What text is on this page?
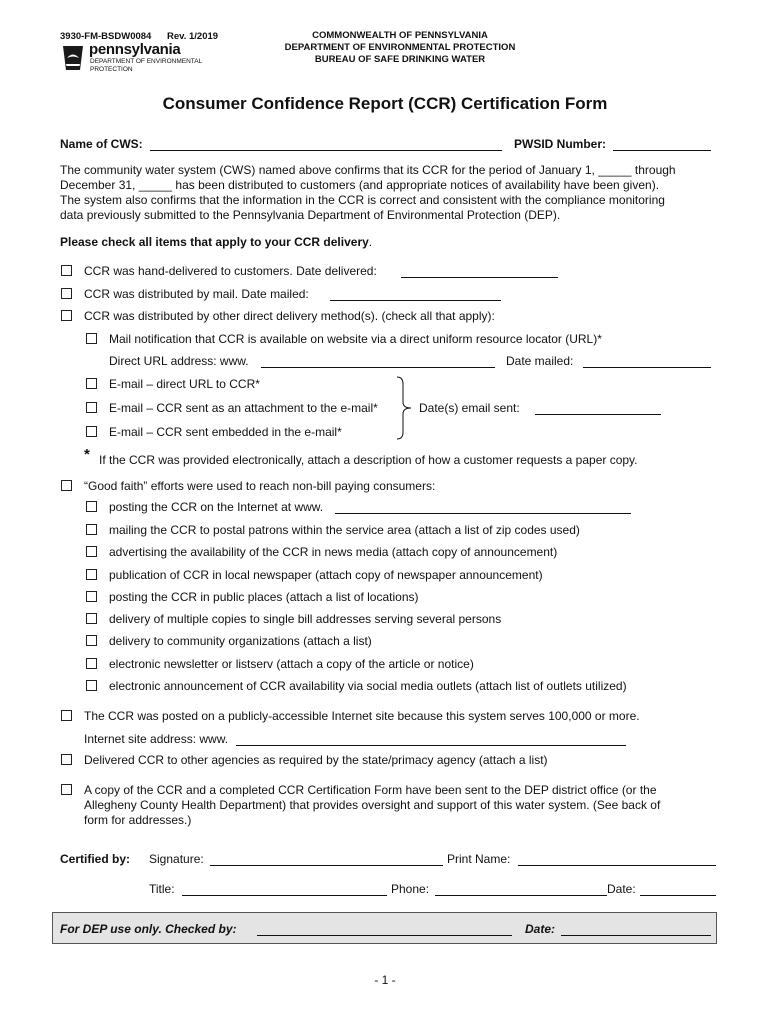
3930-FM-BSDW0084 Rev. 1/2019
pennsylvania
DEPARTMENT OF ENVIRONMENTAL
PROTECTION
COMMONWEALTH OF PENNSYLVANIA
DEPARTMENT OF ENVIRONMENTAL PROTECTION
BUREAU OF SAFE DRINKING WATER
Consumer Confidence Report (CCR) Certification Form
Name of CWS:	PWSID Number:
The community water system (CWS) named above confirms that its CCR for the period of January 1, _____ through
December 31, _____ has been distributed to customers (and appropriate notices of availability have been given).
The system also confirms that the information in the CCR is correct and consistent with the compliance monitoring
data previously submitted to the Pennsylvania Department of Environmental Protection (DEP).
Please check all items that apply to your CCR delivery.
CCR was hand-delivered to customers. Date delivered:
CCR was distributed by mail. Date mailed:
CCR was distributed by other direct delivery method(s). (check all that apply):
Mail notification that CCR is available on website via a direct uniform resource locator (URL)*
Direct URL address: www.	Date mailed:
E-mail – direct URL to CCR*
E-mail – CCR sent as an attachment to the e-mail*
E-mail – CCR sent embedded in the e-mail*
Date(s) email sent:
* If the CCR was provided electronically, attach a description of how a customer requests a paper copy.
“Good faith” efforts were used to reach non-bill paying consumers:
posting the CCR on the Internet at www.
mailing the CCR to postal patrons within the service area (attach a list of zip codes used)
advertising the availability of the CCR in news media (attach copy of announcement)
publication of CCR in local newspaper (attach copy of newspaper announcement)
posting the CCR in public places (attach a list of locations)
delivery of multiple copies to single bill addresses serving several persons
delivery to community organizations (attach a list)
electronic newsletter or listserv (attach a copy of the article or notice)
electronic announcement of CCR availability via social media outlets (attach list of outlets utilized)
The CCR was posted on a publicly-accessible Internet site because this system serves 100,000 or more.
Internet site address: www.
Delivered CCR to other agencies as required by the state/primacy agency (attach a list)
A copy of the CCR and a completed CCR Certification Form have been sent to the DEP district office (or the
Allegheny County Health Department) that provides oversight and support of this water system. (See back of
form for addresses.)
Certified by: Signature:	Print Name:
Title:	Phone:	Date:
For DEP use only. Checked by:	Date:
- 1 -
